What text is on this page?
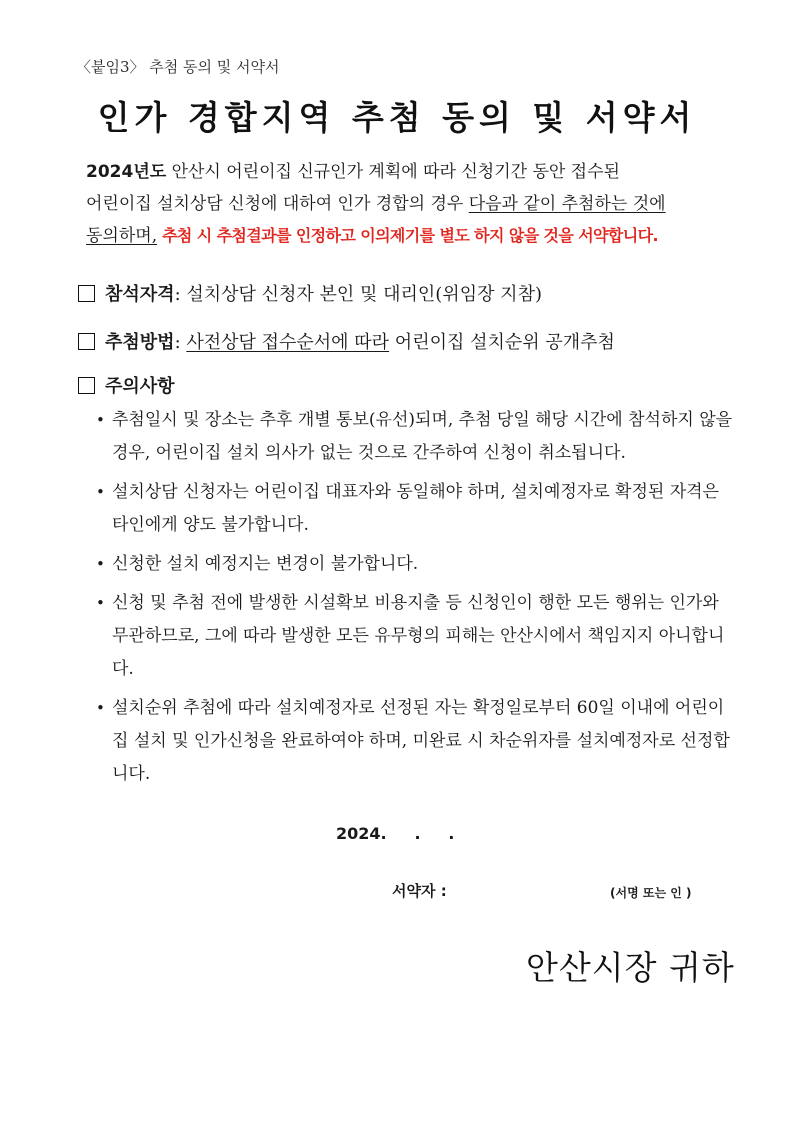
〈붙임3〉 추첨 동의 및 서약서
인가 경합지역 추첨 동의 및 서약서
2024년도 안산시 어린이집 신규인가 계획에 따라 신청기간 동안 접수된
어린이집 설치상담 신청에 대하여 인가 경합의 경우 다음과 같이 추첨하는 것에
동의하며, 추첨 시 추첨결과를 인정하고 이의제기를 별도 하지 않을 것을 서약합니다.
참석자격: 설치상담 신청자 본인 및 대리인(위임장 지참)
추첨방법: 사전상담 접수순서에 따라 어린이집 설치순위 공개추첨
주의사항
• 추첨일시 및 장소는 추후 개별 통보(유선)되며, 추첨 당일 해당 시간에 참석하지 않을 경우, 어린이집 설치 의사가 없는 것으로 간주하여 신청이 취소됩니다.
• 설치상담 신청자는 어린이집 대표자와 동일해야 하며, 설치예정자로 확정된 자격은 타인에게 양도 불가합니다.
• 신청한 설치 예정지는 변경이 불가합니다.
• 신청 및 추첨 전에 발생한 시설확보 비용지출 등 신청인이 행한 모든 행위는 인가와 무관하므로, 그에 따라 발생한 모든 유무형의 피해는 안산시에서 책임지지 아니합니다.
• 설치순위 추첨에 따라 설치예정자로 선정된 자는 확정일로부터 60일 이내에 어린이집 설치 및 인가신청을 완료하여야 하며, 미완료 시 차순위자를 설치예정자로 선정합니다.
2024.     .     .
서약자 :	(서명 또는 인 )
안산시장 귀하
